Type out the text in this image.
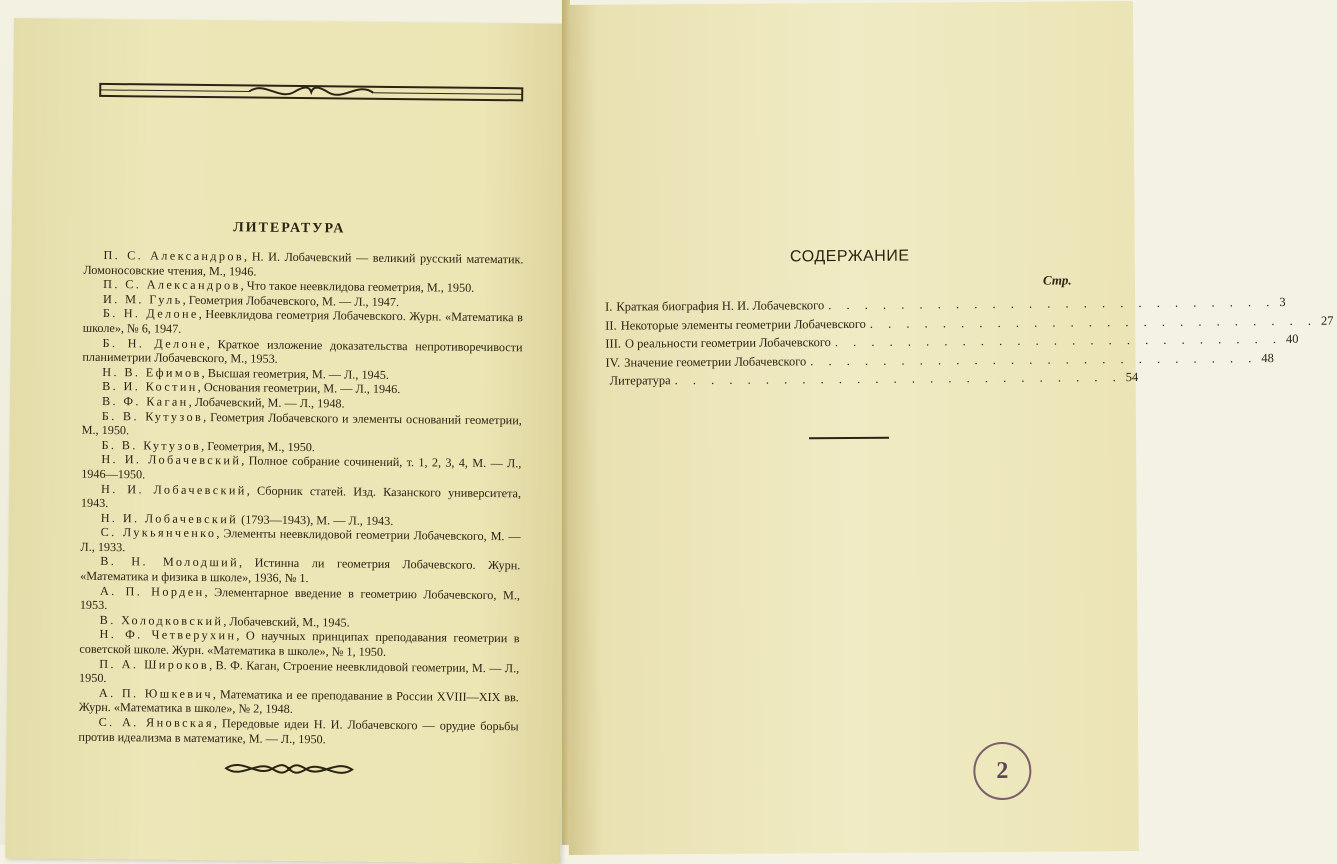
ЛИТЕРАТУРА

П. С. Александров, Н. И. Лобачевский — великий русский математик. Ломоносовские чтения, М., 1946.

П. С. Александров, Что такое неевклидова геометрия, М., 1950.

И. М. Гуль, Геометрия Лобачевского, М. — Л., 1947.

Б. Н. Делоне, Неевклидова геометрия Лобачевского. Журн. «Математика в школе», № 6, 1947.

Б. Н. Делоне, Краткое изложение доказательства непротиворечивости планиметрии Лобачевского, М., 1953.

Н. В. Ефимов, Высшая геометрия, М. — Л., 1945.

В. И. Костин, Основания геометрии, М. — Л., 1946.

В. Ф. Каган, Лобачевский, М. — Л., 1948.

Б. В. Кутузов, Геометрия Лобачевского и элементы оснований геометрии, М., 1950.

Б. В. Кутузов, Геометрия, М., 1950.

Н. И. Лобачевский, Полное собрание сочинений, т. 1, 2, 3, 4, М. — Л., 1946—1950.

Н. И. Лобачевский, Сборник статей. Изд. Казанского университета, 1943.

Н. И. Лобачевский (1793—1943), М. — Л., 1943.

С. Лукьянченко, Элементы неевклидовой геометрии Лобачевского, М. — Л., 1933.

В. Н. Молодший, Истинна ли геометрия Лобачевского. Журн. «Математика и физика в школе», 1936, № 1.

А. П. Норден, Элементарное введение в геометрию Лобачевского, М., 1953.

В. Холодковский, Лобачевский, М., 1945.

Н. Ф. Четверухин, О научных принципах преподавания геометрии в советской школе. Журн. «Математика в школе», № 1, 1950.

П. А. Широков, В. Ф. Каган, Строение неевклидовой геометрии, М. — Л., 1950.

А. П. Юшкевич, Математика и ее преподавание в России XVIII—XIX вв. Журн. «Математика в школе», № 2, 1948.

С. А. Яновская, Передовые идеи Н. И. Лобачевского — орудие борьбы против идеализма в математике, М. — Л., 1950.

СОДЕРЖАНИЕ
Стр.
I. Краткая биография Н. И. Лобачевского . . . . . . . . . . . . . . . . . . . . . . . . . 3
II. Некоторые элементы геометрии Лобачевского . . . . . . . . . . . . . . . . . . . . . . . . . 27
III. О реальности геометрии Лобачевского . . . . . . . . . . . . . . . . . . . . . . . . . 40
IV. Значение геометрии Лобачевского . . . . . . . . . . . . . . . . . . . . . . . . . 48
Литература . . . . . . . . . . . . . . . . . . . . . . . . . 54
2
